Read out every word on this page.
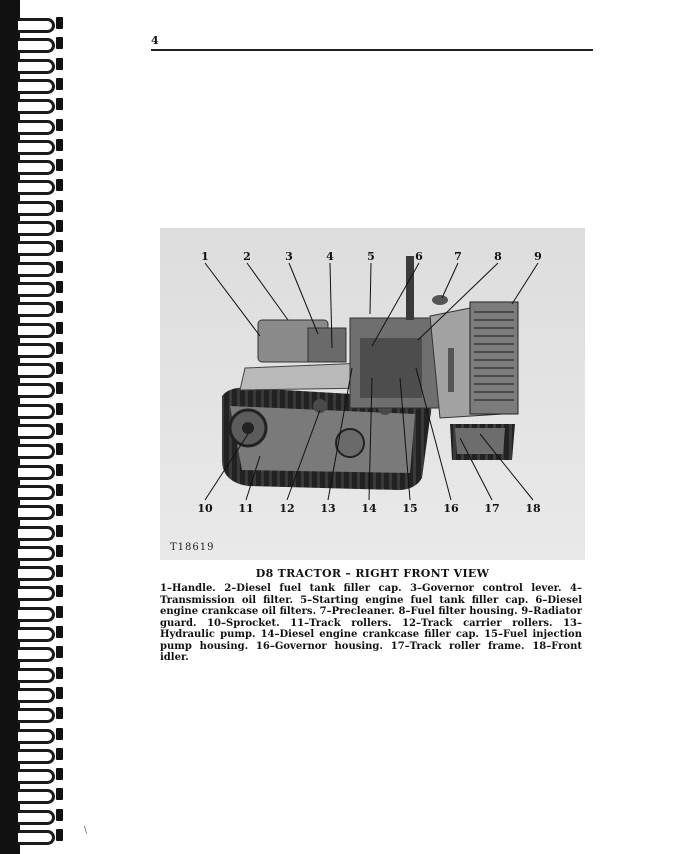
4
1	2	3	4	5	6	7	8	9
10 11 12 13 14 15 16 17 18
T18619
D8 TRACTOR – RIGHT FRONT VIEW
1–Handle. 2–Diesel fuel tank filler cap. 3–Governor control lever. 4–Transmission oil filter. 5–Starting engine fuel tank filler cap. 6–Diesel engine crankcase oil filters. 7–Precleaner. 8–Fuel filter housing. 9–Radiator guard. 10–Sprocket. 11–Track rollers. 12–Track carrier rollers. 13–Hydraulic pump. 14–Diesel engine crankcase filler cap. 15–Fuel injection pump housing. 16–Governor housing. 17–Track roller frame. 18–Front idler.
\
